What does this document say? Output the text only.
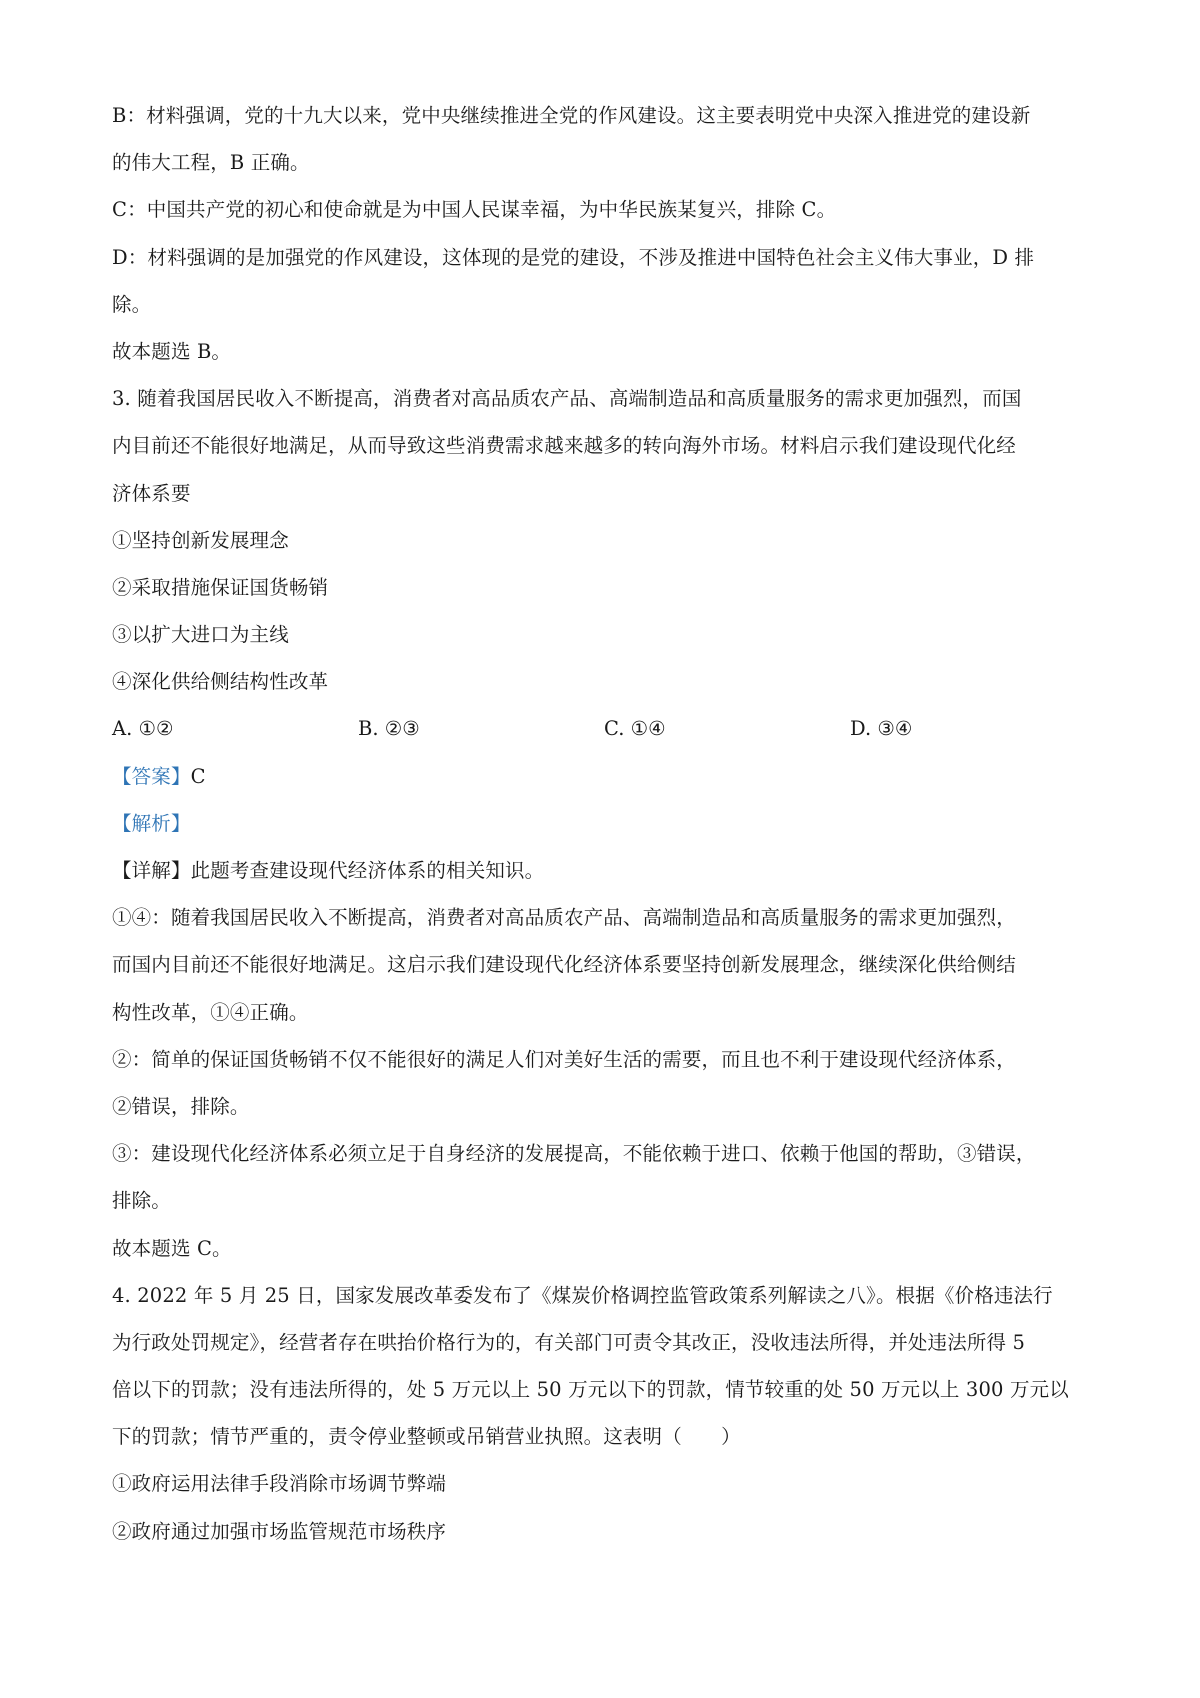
B：材料强调，党的十九大以来，党中央继续推进全党的作风建设。这主要表明党中央深入推进党的建设新
的伟大工程，B 正确。
C：中国共产党的初心和使命就是为中国人民谋幸福，为中华民族某复兴，排除 C。
D：材料强调的是加强党的作风建设，这体现的是党的建设，不涉及推进中国特色社会主义伟大事业，D 排
除。
故本题选 B。
3. 随着我国居民收入不断提高，消费者对高品质农产品、高端制造品和高质量服务的需求更加强烈，而国
内目前还不能很好地满足，从而导致这些消费需求越来越多的转向海外市场。材料启示我们建设现代化经
济体系要
①坚持创新发展理念
②采取措施保证国货畅销
③以扩大进口为主线
④深化供给侧结构性改革
A. ①②	B. ②③	C. ①④	D. ③④
【答案】C
【解析】
【详解】此题考查建设现代经济体系的相关知识。
①④：随着我国居民收入不断提高，消费者对高品质农产品、高端制造品和高质量服务的需求更加强烈，
而国内目前还不能很好地满足。这启示我们建设现代化经济体系要坚持创新发展理念，继续深化供给侧结
构性改革，①④正确。
②：简单的保证国货畅销不仅不能很好的满足人们对美好生活的需要，而且也不利于建设现代经济体系，
②错误，排除。
③：建设现代化经济体系必须立足于自身经济的发展提高，不能依赖于进口、依赖于他国的帮助，③错误，
排除。
故本题选 C。
4. 2022 年 5 月 25 日，国家发展改革委发布了《煤炭价格调控监管政策系列解读之八》。根据《价格违法行
为行政处罚规定》，经营者存在哄抬价格行为的，有关部门可责令其改正，没收违法所得，并处违法所得 5
倍以下的罚款；没有违法所得的，处 5 万元以上 50 万元以下的罚款，情节较重的处 50 万元以上 300 万元以
下的罚款；情节严重的，责令停业整顿或吊销营业执照。这表明（　　）
①政府运用法律手段消除市场调节弊端
②政府通过加强市场监管规范市场秩序
